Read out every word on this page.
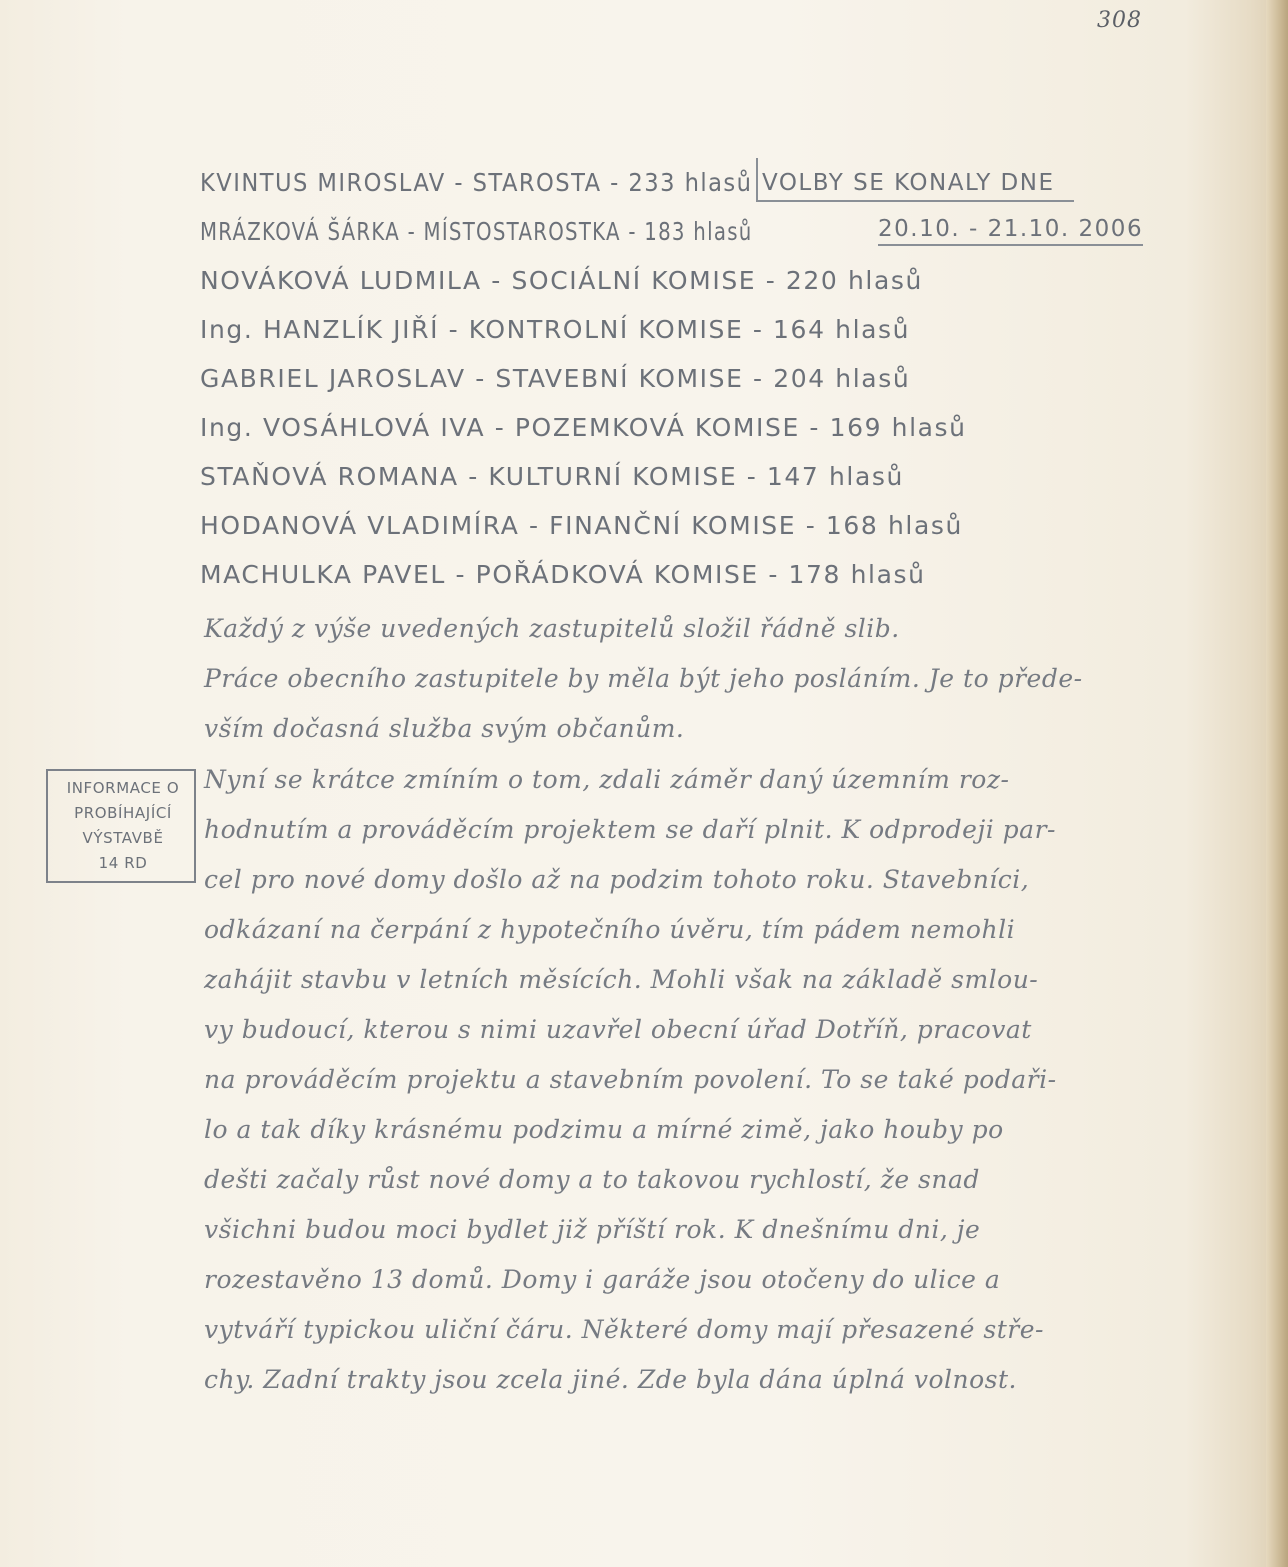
308
KVINTUS MIROSLAV - STAROSTA - 233 hlasů
MRÁZKOVÁ ŠÁRKA - MÍSTOSTAROSTKA - 183 hlasů
NOVÁKOVÁ LUDMILA - SOCIÁLNÍ KOMISE - 220 hlasů
Ing. HANZLÍK JIŘÍ - KONTROLNÍ KOMISE - 164 hlasů
GABRIEL JAROSLAV - STAVEBNÍ KOMISE - 204 hlasů
Ing. VOSÁHLOVÁ IVA - POZEMKOVÁ KOMISE - 169 hlasů
STAŇOVÁ ROMANA - KULTURNÍ KOMISE - 147 hlasů
HODANOVÁ VLADIMÍRA - FINANČNÍ KOMISE - 168 hlasů
MACHULKA PAVEL - POŘÁDKOVÁ KOMISE - 178 hlasů
VOLBY SE KONALY DNE
20.10. - 21.10. 2006
Každý z výše uvedených zastupitelů složil řádně slib.
Práce obecního zastupitele by měla být jeho posláním. Je to přede-
vším dočasná služba svým občanům.
INFORMACE O
PROBÍHAJÍCÍ
VÝSTAVBĚ
14 RD
Nyní se krátce zmíním o tom, zdali záměr daný územním roz-
hodnutím a prováděcím projektem se daří plnit. K odprodeji par-
cel pro nové domy došlo až na podzim tohoto roku. Stavebníci,
odkázaní na čerpání z hypotečního úvěru, tím pádem nemohli
zahájit stavbu v letních měsících. Mohli však na základě smlou-
vy budoucí, kterou s nimi uzavřel obecní úřad Dotříň, pracovat
na prováděcím projektu a stavebním povolení. To se také podaři-
lo a tak díky krásnému podzimu a mírné zimě, jako houby po
dešti začaly růst nové domy a to takovou rychlostí, že snad
všichni budou moci bydlet již příští rok. K dnešnímu dni, je
rozestavěno 13 domů. Domy i garáže jsou otočeny do ulice a
vytváří typickou uliční čáru. Některé domy mají přesazené stře-
chy. Zadní trakty jsou zcela jiné. Zde byla dána úplná volnost.
